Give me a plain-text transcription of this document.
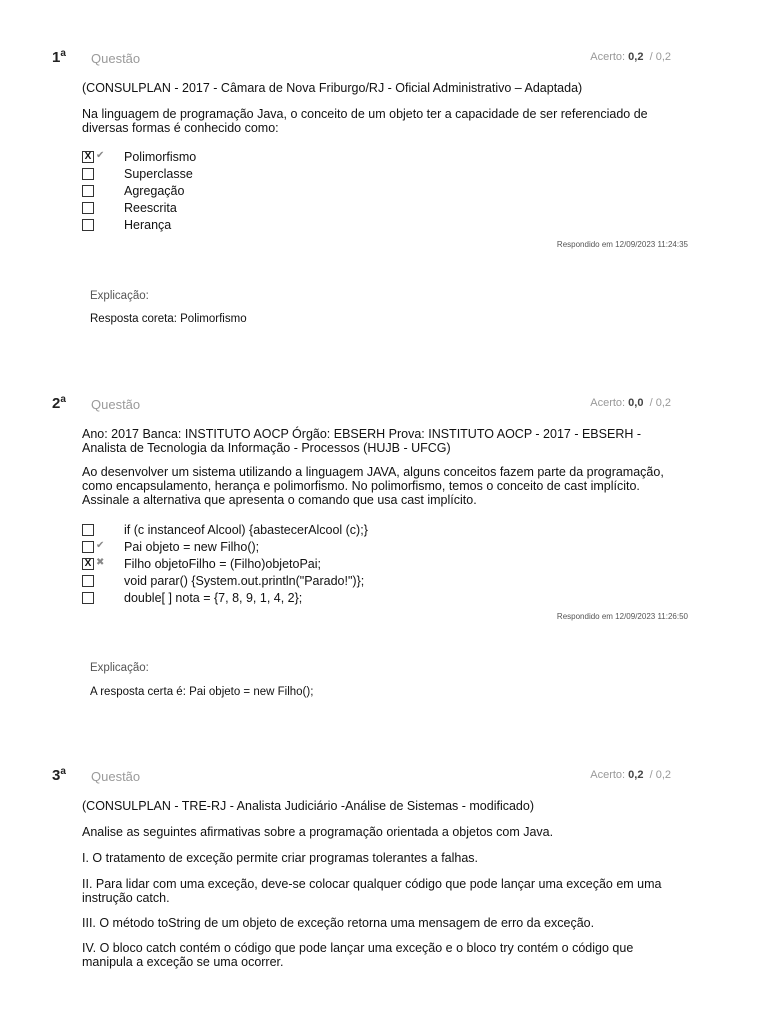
1$^a$ Questão	Acerto: 0,2 / 0,2
(CONSULPLAN - 2017 - Câmara de Nova Friburgo/RJ - Oficial Administrativo – Adaptada)
Na linguagem de programação Java, o conceito de um objeto ter a capacidade de ser referenciado de
diversas formas é conhecido como:
X ✔ Polimorfismo
Superclasse
Agregação
Reescrita
Herança
Respondido em 12/09/2023 11:24:35
Explicação:
Resposta coreta: Polimorfismo
2$^a$ Questão	Acerto: 0,0 / 0,2
Ano: 2017 Banca: INSTITUTO AOCP Órgão: EBSERH Prova: INSTITUTO AOCP - 2017 - EBSERH -
Analista de Tecnologia da Informação - Processos (HUJB - UFCG)
Ao desenvolver um sistema utilizando a linguagem JAVA, alguns conceitos fazem parte da programação,
como encapsulamento, herança e polimorfismo. No polimorfismo, temos o conceito de cast implícito.
Assinale a alternativa que apresenta o comando que usa cast implícito.
if (c instanceof Alcool) {abastecerAlcool (c);}
✔ Pai objeto = new Filho();
X ✖ Filho objetoFilho = (Filho)objetoPai;
void parar() {System.out.println("Parado!")};
double[ ] nota = {7, 8, 9, 1, 4, 2};
Respondido em 12/09/2023 11:26:50
Explicação:
A resposta certa é: Pai objeto = new Filho();
3$^a$ Questão	Acerto: 0,2 / 0,2
(CONSULPLAN - TRE-RJ - Analista Judiciário -Análise de Sistemas - modificado)
Analise as seguintes afirmativas sobre a programação orientada a objetos com Java.
I. O tratamento de exceção permite criar programas tolerantes a falhas.
II. Para lidar com uma exceção, deve-se colocar qualquer código que pode lançar uma exceção em uma
instrução catch.
III. O método toString de um objeto de exceção retorna uma mensagem de erro da exceção.
IV. O bloco catch contém o código que pode lançar uma exceção e o bloco try contém o código que
manipula a exceção se uma ocorrer.
